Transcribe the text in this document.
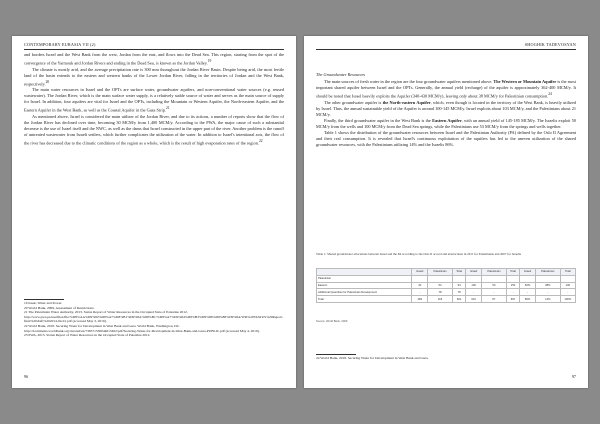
CONTEMPORARY EURASIA VII (2)

and borders Israel and the West Bank from the west, Jordan from the east, and flows into the Dead Sea. This region, starting from the spot of the convergence of the Yarmouk and Jordan Rivers and ending in the Dead Sea, is known as the Jordan Valley.$^{19}$

The climate is mostly arid, and the average precipitation rate is 300 mm throughout the Jordan River Basin. Despite being arid, the most fertile land of the basin extends to the eastern and western banks of the Lower Jordan River, falling in the territories of Jordan and the West Bank, respectively.$^{20}$

The main water resources in Israel and the OPTs are surface water, groundwater aquifers, and non-conventional water sources (e.g. reused wastewater). The Jordan River, which is the main surface water supply, is a relatively stable source of water and serves as the main source of supply for Israel. In addition, four aquifers are vital for Israel and the OPTs, including the Mountain or Western Aquifer, the North-eastern Aquifer, and the Eastern Aquifer in the West Bank, as well as the Coastal Aquifer in the Gaza Strip.$^{21}$

As mentioned above, Israel is considered the main utilizer of the Jordan River, and due to its actions, a number of reports show that the flow of the Jordan River has declined over time, becoming 30 MCM/y from 1,400 MCM/y. According to the PWA, the major cause of such a substantial decrease is the use of Israel itself and the NWC, as well as the dams that Israel constructed in the upper part of the river. Another problem is the runoff of untreated wastewater from Israeli settlers, which further complicates the utilization of the water. In addition to Israel's intentional acts, the flow of the river has decreased due to the climatic conditions of the region as a whole, which is the result of high evaporation rates of the region.$^{22}$

19 Isaak, Water and Power.
20 World Bank, 2009, Assessment of Restrictions.
21 The Palestinian Water Authority, 2013. Status Report of Water Resources in the Occupied State of Palestine 2012. http://www.pwa.ps/userfiles/file/%D8%AA%D9%82%D8%A7%D8%B1%D9%8A%D8%B1/%D8%A7%D9%84%D8%B3%D9%86%D9%88%D9%8A/WR%20STATUS%20Report-final%20draft%202014-04-01.pdf (accessed May 3, 2019).
22 World Bank, 2018. Securing Water for Development in West Bank and Gaza. World Bank, Washington, DC. http://documents.worldbank.org/curated/en/736571530044615402/pdf/Securing-Water-for-Development-in-West-Bank-and-Gaza-PUBLIC.pdf (accessed May 4, 2019).
23 PWA, 2013. Status Report of Water Resources in the Occupied State of Palestine 2012.
96
SHOGHIK TADEVOSYAN

The Groundwater Resources

The main sources of fresh water in the region are the four groundwater aquifers mentioned above. The Western or Mountain Aquifer is the most important shared aquifer between Israel and the OPTs. Generally, the annual yield (recharge) of the aquifer is approximately 362-400 MCM/y. It should be noted that Israel heavily exploits the Aquifer (340-430 MCM/y), leaving only about 38 MCM/y for Palestinian consumption.$^{24}$

The other groundwater aquifer is the North-eastern Aquifer, which, even though is located in the territory of the West Bank, is heavily utilized by Israel. Thus, the annual sustainable yield of the Aquifer is around 100-145 MCM/y. Israel exploits about 103 MCM/y, and the Palestinians about 21 MCM/y.

Finally, the third groundwater aquifer in the West Bank is the Eastern Aquifer, with an annual yield of 145-185 MCM/y. The Israelis exploit 50 MCM/y from the wells and 100 MCM/y from the Dead Sea springs, while the Palestinians use 53 MCM/y from the springs and wells together.

Table 1 shows the distribution of the groundwater resources between Israel and the Palestinian Authority (PA) defined by the Oslo II Agreement and their real consumption. It is revealed that Israel's continuous exploitation of the aquifers has led to the uneven utilization of the shared groundwater resources, with the Palestinians utilizing 14% and the Israelis 86%.

Table 1: Shared groundwater allocations between Israel and the PA according to the Oslo II accord and abstractions in 2011 for Palestinians and 2007 for Israelis
	Israeli	Palestinian	Total	Israeli	Palestinian	Total	Israeli	Palestinian	Total
Palestinian									
Eastern	40	54	94	100	50	150	62%	38%	100
Additional Quantities for Palestinian Development	-	78	78	-	-	-	-	-	-
Total	483	118	601	610	87	697	86%	14%	100%
Source: World Bank, 2009
24 World Bank, 2018. Securing Water for Development in West Bank and Gaza.
97
